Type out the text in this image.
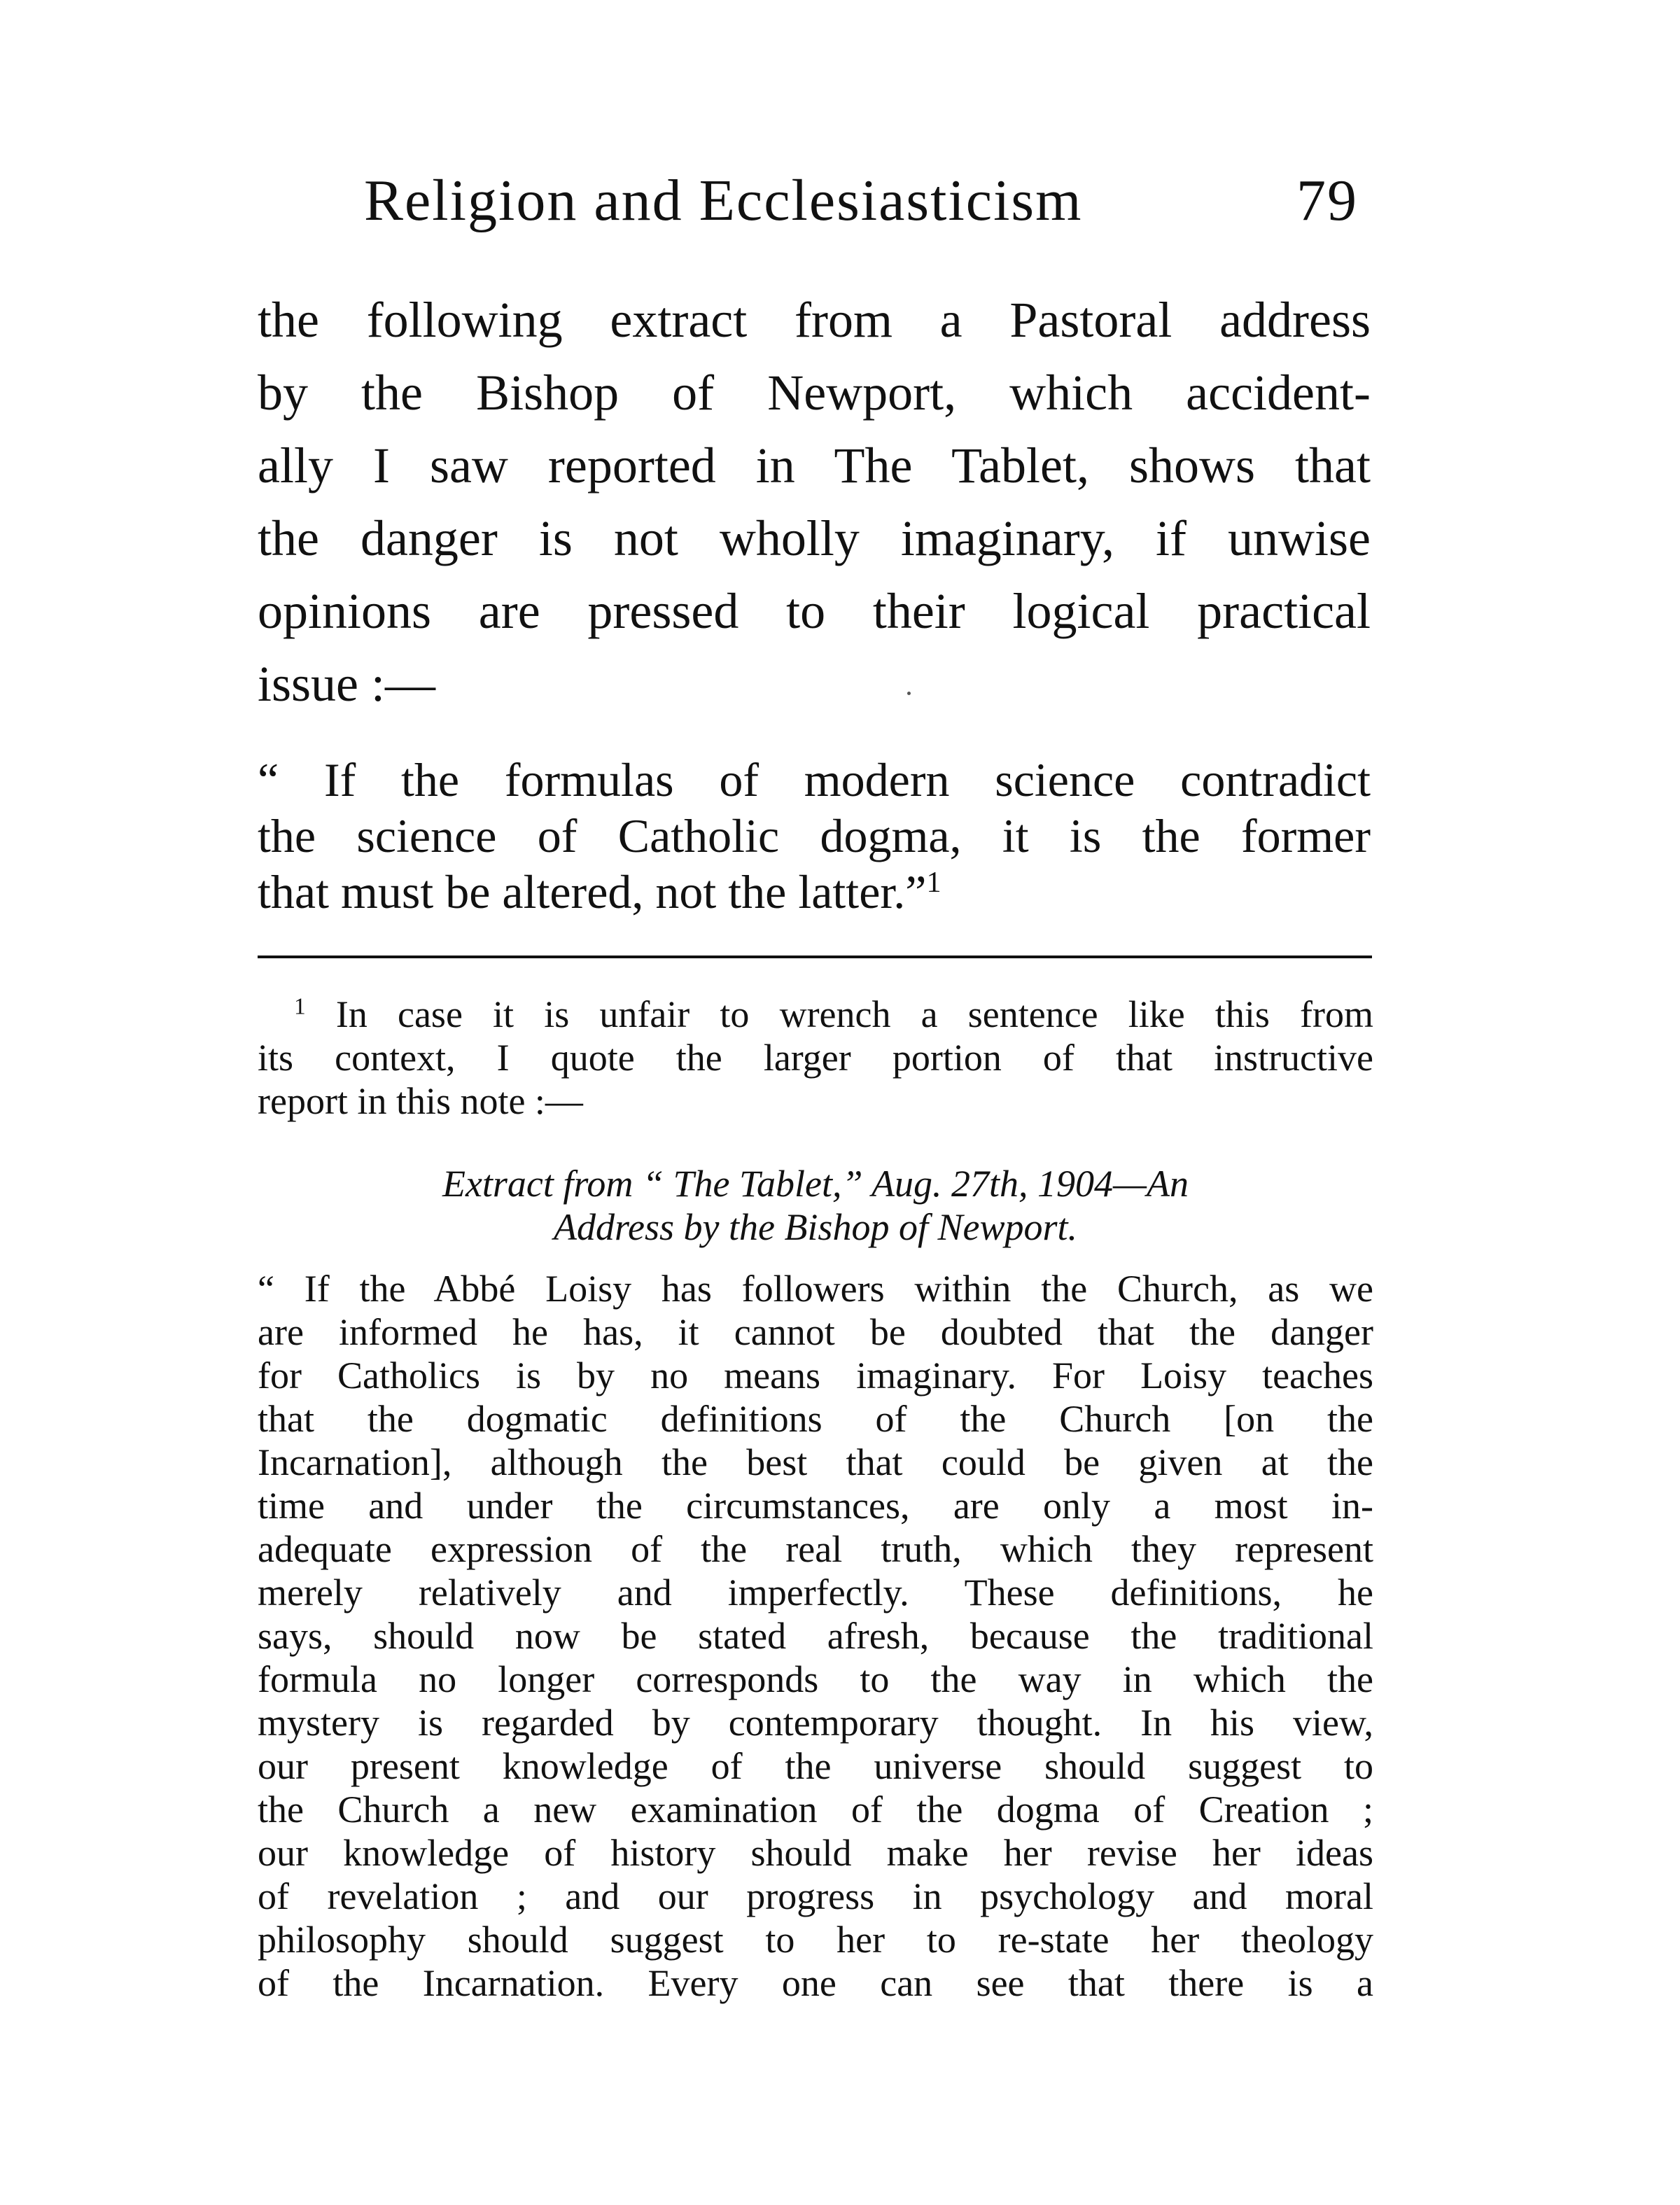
Religion and Ecclesiasticism	79
the following extract from a Pastoral address
by the Bishop of Newport, which accident-
ally I saw reported in The Tablet, shows that
the danger is not wholly imaginary, if unwise
opinions are pressed to their logical practical
issue :—
“ If the formulas of modern science contradict
the science of Catholic dogma, it is the former
that must be altered, not the latter.”$^1$
$^1$ In case it is unfair to wrench a sentence like this from
its context, I quote the larger portion of that instructive
report in this note :—
Extract from “ The Tablet,” Aug. 27th, 1904—An
Address by the Bishop of Newport.
“ If the Abbé Loisy has followers within the Church, as we
are informed he has, it cannot be doubted that the danger
for Catholics is by no means imaginary. For Loisy teaches
that the dogmatic definitions of the Church [on the
Incarnation], although the best that could be given at the
time and under the circumstances, are only a most in-
adequate expression of the real truth, which they represent
merely relatively and imperfectly. These definitions, he
says, should now be stated afresh, because the traditional
formula no longer corresponds to the way in which the
mystery is regarded by contemporary thought. In his view,
our present knowledge of the universe should suggest to
the Church a new examination of the dogma of Creation ;
our knowledge of history should make her revise her ideas
of revelation ; and our progress in psychology and moral
philosophy should suggest to her to re-state her theology
of the Incarnation. Every one can see that there is a
